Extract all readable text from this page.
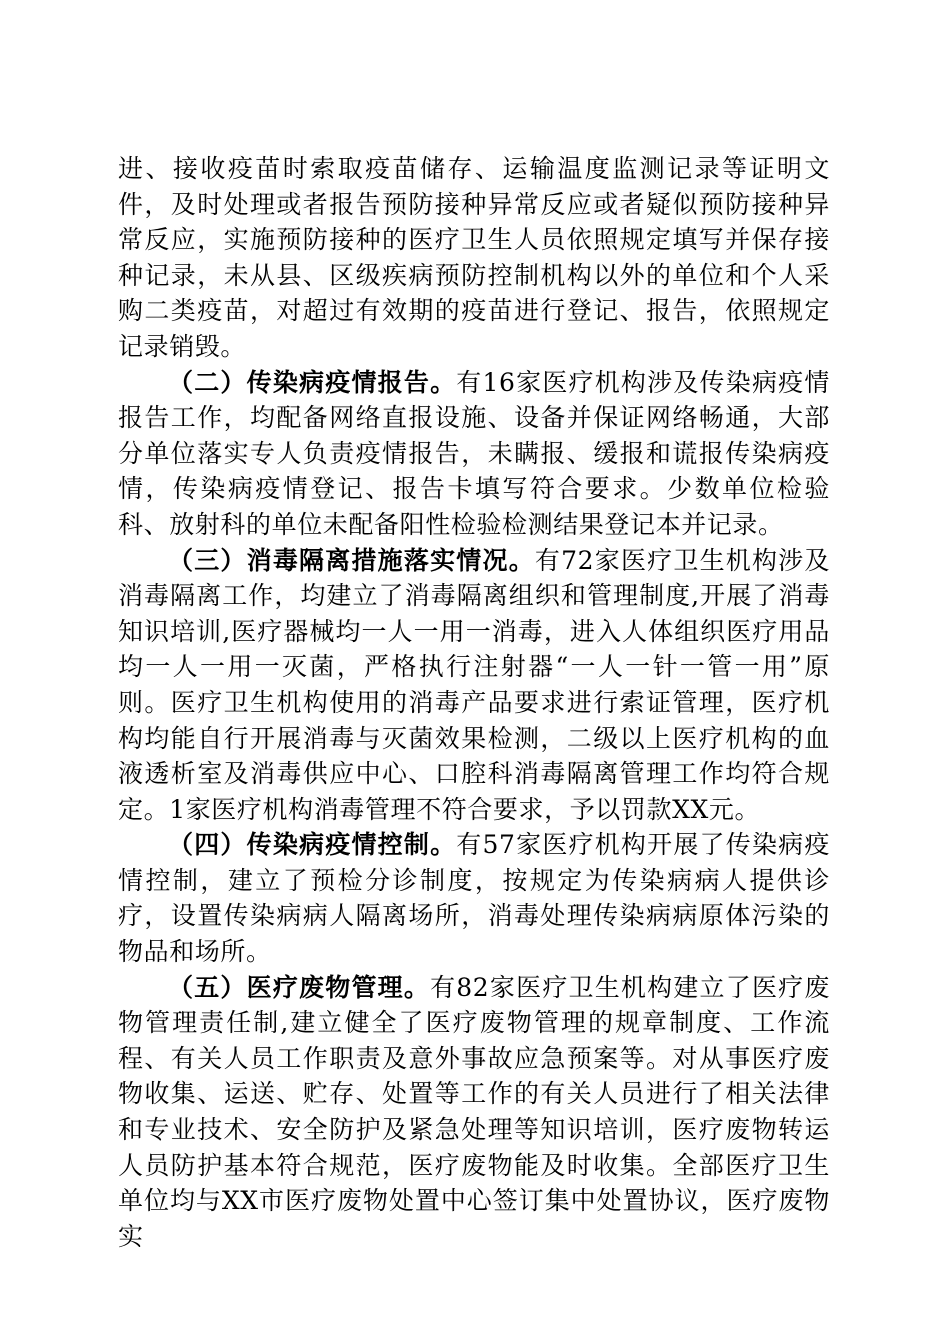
进、接收疫苗时索取疫苗储存、运输温度监测记录等证明文件，及时处理或者报告预防接种异常反应或者疑似预防接种异常反应，实施预防接种的医疗卫生人员依照规定填写并保存接种记录，未从县、区级疾病预防控制机构以外的单位和个人采购二类疫苗，对超过有效期的疫苗进行登记、报告，依照规定记录销毁。

（二）传染病疫情报告。有16家医疗机构涉及传染病疫情报告工作，均配备网络直报设施、设备并保证网络畅通，大部分单位落实专人负责疫情报告，未瞒报、缓报和谎报传染病疫情，传染病疫情登记、报告卡填写符合要求。少数单位检验科、放射科的单位未配备阳性检验检测结果登记本并记录。

（三）消毒隔离措施落实情况。有72家医疗卫生机构涉及消毒隔离工作，均建立了消毒隔离组织和管理制度,开展了消毒知识培训,医疗器械均一人一用一消毒，进入人体组织医疗用品均一人一用一灭菌，严格执行注射器“一人一针一管一用”原则。医疗卫生机构使用的消毒产品要求进行索证管理，医疗机构均能自行开展消毒与灭菌效果检测，二级以上医疗机构的血液透析室及消毒供应中心、口腔科消毒隔离管理工作均符合规定。1家医疗机构消毒管理不符合要求，予以罚款XX元。

（四）传染病疫情控制。有57家医疗机构开展了传染病疫情控制，建立了预检分诊制度，按规定为传染病病人提供诊疗，设置传染病病人隔离场所，消毒处理传染病病原体污染的物品和场所。

（五）医疗废物管理。有82家医疗卫生机构建立了医疗废物管理责任制,建立健全了医疗废物管理的规章制度、工作流程、有关人员工作职责及意外事故应急预案等。对从事医疗废物收集、运送、贮存、处置等工作的有关人员进行了相关法律和专业技术、安全防护及紧急处理等知识培训，医疗废物转运人员防护基本符合规范，医疗废物能及时收集。全部医疗卫生单位均与XX市医疗废物处置中心签订集中处置协议，医疗废物实
